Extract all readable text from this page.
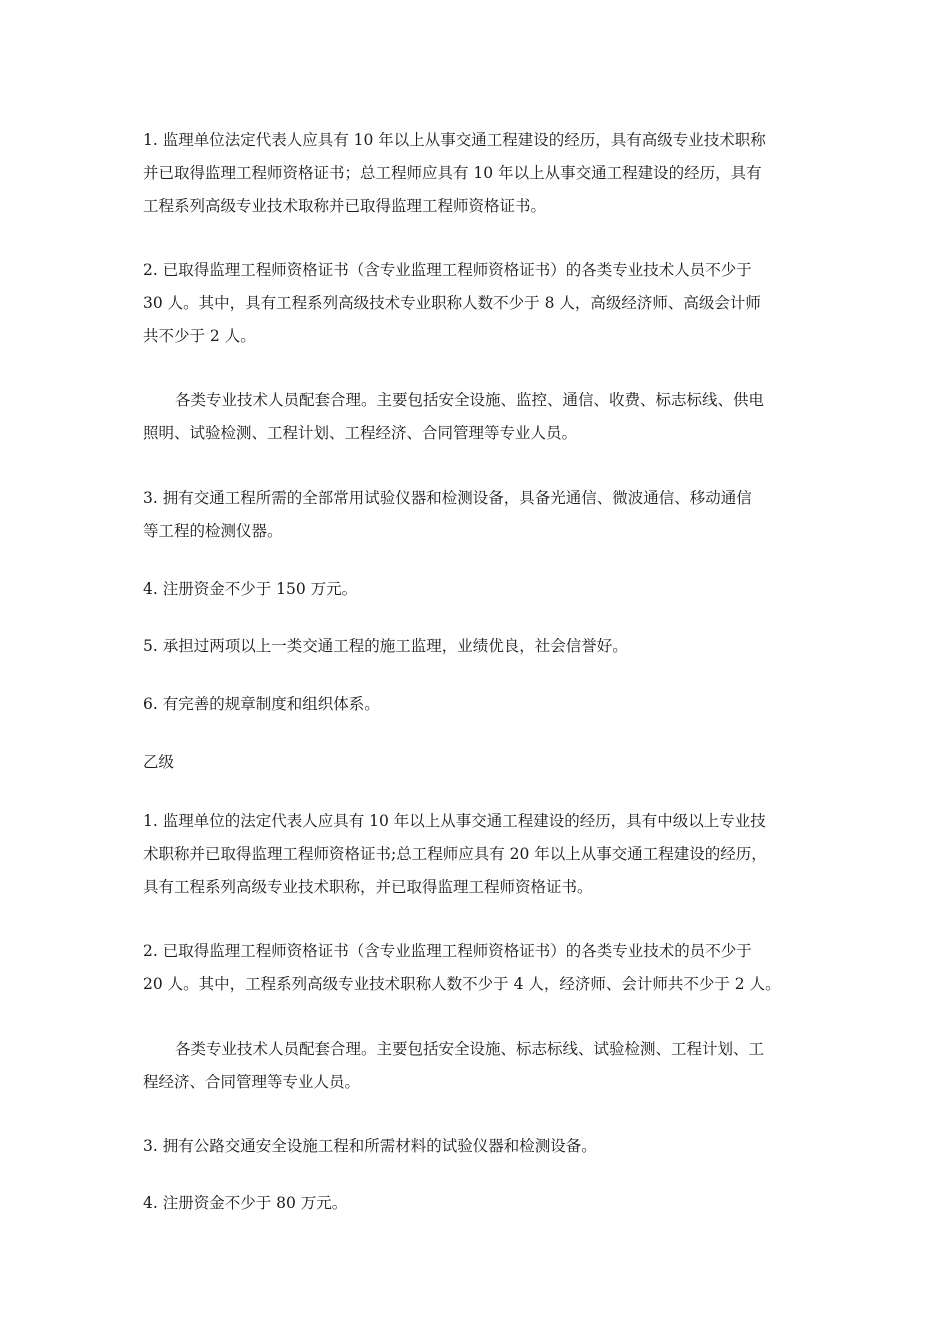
1. 监理单位法定代表人应具有 10 年以上从事交通工程建设的经历，具有高级专业技术职称
并已取得监理工程师资格证书；总工程师应具有 10 年以上从事交通工程建设的经历，具有
工程系列高级专业技术取称并已取得监理工程师资格证书。
2. 已取得监理工程师资格证书（含专业监理工程师资格证书）的各类专业技术人员不少于
30 人。其中，具有工程系列高级技术专业职称人数不少于 8 人，高级经济师、高级会计师
共不少于 2 人。
各类专业技术人员配套合理。主要包括安全设施、监控、通信、收费、标志标线、供电
照明、试验检测、工程计划、工程经济、合同管理等专业人员。
3. 拥有交通工程所需的全部常用试验仪器和检测设备，具备光通信、微波通信、移动通信
等工程的检测仪器。
4. 注册资金不少于 150 万元。
5. 承担过两项以上一类交通工程的施工监理，业绩优良，社会信誉好。
6. 有完善的规章制度和组织体系。
乙级
1. 监理单位的法定代表人应具有 10 年以上从事交通工程建设的经历，具有中级以上专业技
术职称并已取得监理工程师资格证书;总工程师应具有 20 年以上从事交通工程建设的经历，
具有工程系列高级专业技术职称，并已取得监理工程师资格证书。
2. 已取得监理工程师资格证书（含专业监理工程师资格证书）的各类专业技术的员不少于
20 人。其中，工程系列高级专业技术职称人数不少于 4 人，经济师、会计师共不少于 2 人。
各类专业技术人员配套合理。主要包括安全设施、标志标线、试验检测、工程计划、工
程经济、合同管理等专业人员。
3. 拥有公路交通安全设施工程和所需材料的试验仪器和检测设备。
4. 注册资金不少于 80 万元。
